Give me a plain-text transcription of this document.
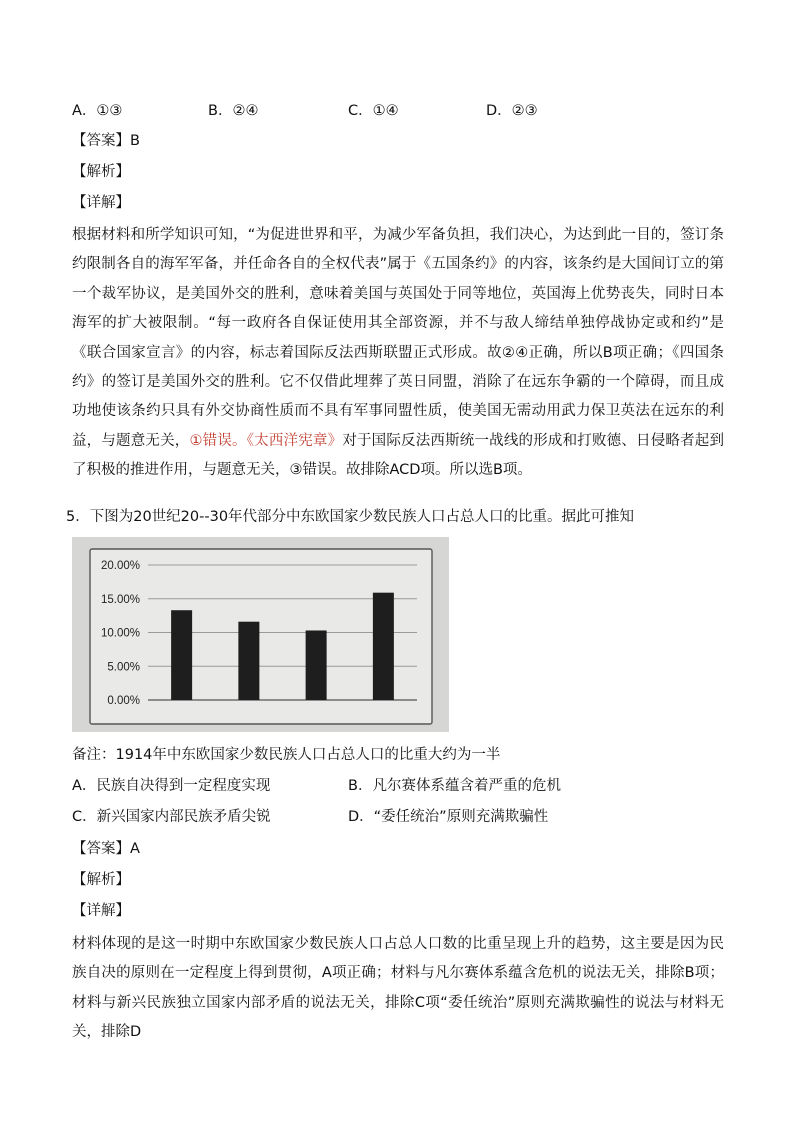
A．①③	B．②④	C．①④	D．②③
【答案】B
【解析】
【详解】
根据材料和所学知识可知，“为促进世界和平，为减少军备负担，我们决心，为达到此一目的，签订条约限制各自的海军军备，并任命各自的全权代表”属于《五国条约》的内容，该条约是大国间订立的第一个裁军协议，是美国外交的胜利，意味着美国与英国处于同等地位，英国海上优势丧失，同时日本海军的扩大被限制。“每一政府各自保证使用其全部资源，并不与敌人缔结单独停战协定或和约”是《联合国家宣言》的内容，标志着国际反法西斯联盟正式形成。故②④正确，所以B项正确；《四国条约》的签订是美国外交的胜利。它不仅借此埋葬了英日同盟，消除了在远东争霸的一个障碍，而且成功地使该条约只具有外交协商性质而不具有军事同盟性质，使美国无需动用武力保卫英法在远东的利益，与题意无关，①错误。《太西洋宪章》对于国际反法西斯统一战线的形成和打败德、日侵略者起到了积极的推进作用，与题意无关，③错误。故排除ACD项。所以选B项。
5．下图为20世纪20--30年代部分中东欧国家少数民族人口占总人口的比重。据此可推知
20.00%
15.00%
10.00%
5.00%
0.00%
备注：1914年中东欧国家少数民族人口占总人口的比重大约为一半
A．民族自决得到一定程度实现	B．凡尔赛体系蕴含着严重的危机
C．新兴国家内部民族矛盾尖锐	D．“委任统治”原则充满欺骗性
【答案】A
【解析】
【详解】
材料体现的是这一时期中东欧国家少数民族人口占总人口数的比重呈现上升的趋势，这主要是因为民族自决的原则在一定程度上得到贯彻，A项正确；材料与凡尔赛体系蕴含危机的说法无关，排除B项；材料与新兴民族独立国家内部矛盾的说法无关，排除C项“委任统治”原则充满欺骗性的说法与材料无关，排除D
